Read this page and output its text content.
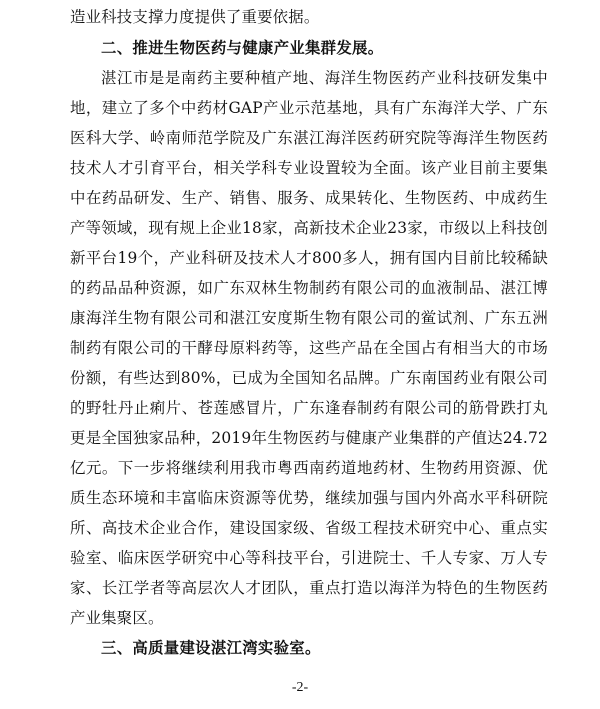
造业科技支撑力度提供了重要依据。

二、推进生物医药与健康产业集群发展。

湛江市是是南药主要种植产地、海洋生物医药产业科技研发集中地，建立了多个中药材GAP产业示范基地，具有广东海洋大学、广东医科大学、岭南师范学院及广东湛江海洋医药研究院等海洋生物医药技术人才引育平台，相关学科专业设置较为全面。该产业目前主要集中在药品研发、生产、销售、服务、成果转化、生物医药、中成药生产等领域，现有规上企业18家，高新技术企业23家，市级以上科技创新平台19个，产业科研及技术人才800多人，拥有国内目前比较稀缺的药品品种资源，如广东双林生物制药有限公司的血液制品、湛江博康海洋生物有限公司和湛江安度斯生物有限公司的鲎试剂、广东五洲制药有限公司的干酵母原料药等，这些产品在全国占有相当大的市场份额，有些达到80%，已成为全国知名品牌。广东南国药业有限公司的野牡丹止痢片、苍莲感冒片，广东逢春制药有限公司的筋骨跌打丸更是全国独家品种，2019年生物医药与健康产业集群的产值达24.72亿元。下一步将继续利用我市粤西南药道地药材、生物药用资源、优质生态环境和丰富临床资源等优势，继续加强与国内外高水平科研院所、高技术企业合作，建设国家级、省级工程技术研究中心、重点实验室、临床医学研究中心等科技平台，引进院士、千人专家、万人专家、长江学者等高层次人才团队，重点打造以海洋为特色的生物医药产业集聚区。

三、高质量建设湛江湾实验室。
-2-
